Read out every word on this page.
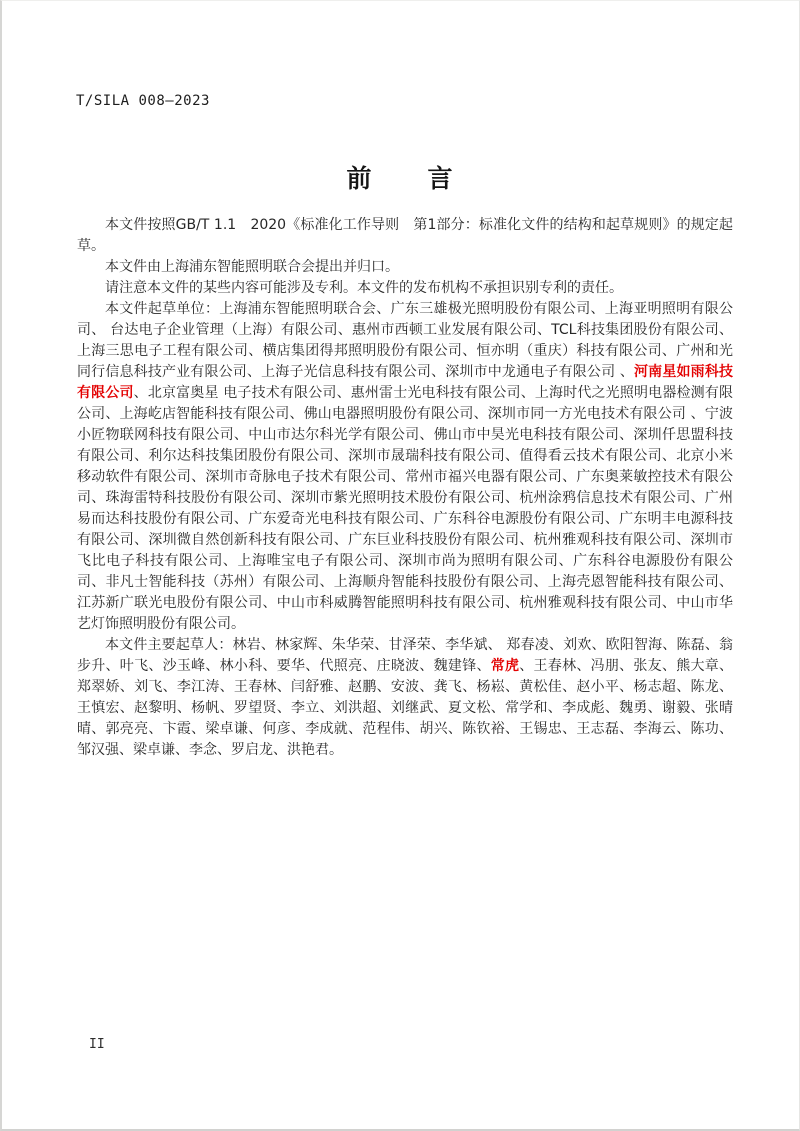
T/SILA 008—2023
前　　言

本文件按照GB/T 1.1　2020《标准化工作导则　第1部分：标准化文件的结构和起草规则》的规定起草。

本文件由上海浦东智能照明联合会提出并归口。

请注意本文件的某些内容可能涉及专利。本文件的发布机构不承担识别专利的责任。

本文件起草单位：上海浦东智能照明联合会、广东三雄极光照明股份有限公司、上海亚明照明有限公司、 台达电子企业管理（上海）有限公司、惠州市西顿工业发展有限公司、TCL科技集团股份有限公司、上海三思电子工程有限公司、横店集团得邦照明股份有限公司、恒亦明（重庆）科技有限公司、广州和光同行信息科技产业有限公司、上海子光信息科技有限公司、深圳市中龙通电子有限公司 、河南星如雨科技有限公司、北京富奥星 电子技术有限公司、惠州雷士光电科技有限公司、上海时代之光照明电器检测有限公司、上海屹店智能科技有限公司、佛山电器照明股份有限公司、深圳市同一方光电技术有限公司 、宁波小匠物联网科技有限公司、中山市达尔科光学有限公司、佛山市中昊光电科技有限公司、深圳仟思盟科技有限公司、利尔达科技集团股份有限公司、深圳市晟瑞科技有限公司、值得看云技术有限公司、北京小米移动软件有限公司、深圳市奇脉电子技术有限公司、常州市福兴电器有限公司、广东奥莱敏控技术有限公司、珠海雷特科技股份有限公司、深圳市紫光照明技术股份有限公司、杭州涂鸦信息技术有限公司、广州易而达科技股份有限公司、广东爱奇光电科技有限公司、广东科谷电源股份有限公司、广东明丰电源科技有限公司、深圳微自然创新科技有限公司、广东巨业科技股份有限公司、杭州雅观科技有限公司、深圳市飞比电子科技有限公司、上海唯宝电子有限公司、深圳市尚为照明有限公司、广东科谷电源股份有限公司、非凡士智能科技（苏州）有限公司、上海顺舟智能科技股份有限公司、上海壳恩智能科技有限公司、江苏新广联光电股份有限公司、中山市科威腾智能照明科技有限公司、杭州雅观科技有限公司、中山市华艺灯饰照明股份有限公司。

本文件主要起草人：林岩、林家辉、朱华荣、甘泽荣、李华斌、 郑春凌、刘欢、欧阳智海、陈磊、翁步升、叶飞、沙玉峰、林小科、要华、代照亮、庄晓波、魏建锋、常虎、王春林、冯朋、张友、熊大章、郑翠娇、刘飞、李江涛、王春林、闫舒雅、赵鹏、安波、龚飞、杨崧、黄松佳、赵小平、杨志超、陈龙、王慎宏、赵黎明、杨帆、罗望贤、李立、刘洪超、刘继武、夏文松、常学和、李成彪、魏勇、谢毅、张晴晴、郭亮亮、卞霞、梁卓谦、何彦、李成就、范程伟、胡兴、陈钦裕、王锡忠、王志磊、李海云、陈功、邹汉强、梁卓谦、李念、罗启龙、洪艳君。

II
